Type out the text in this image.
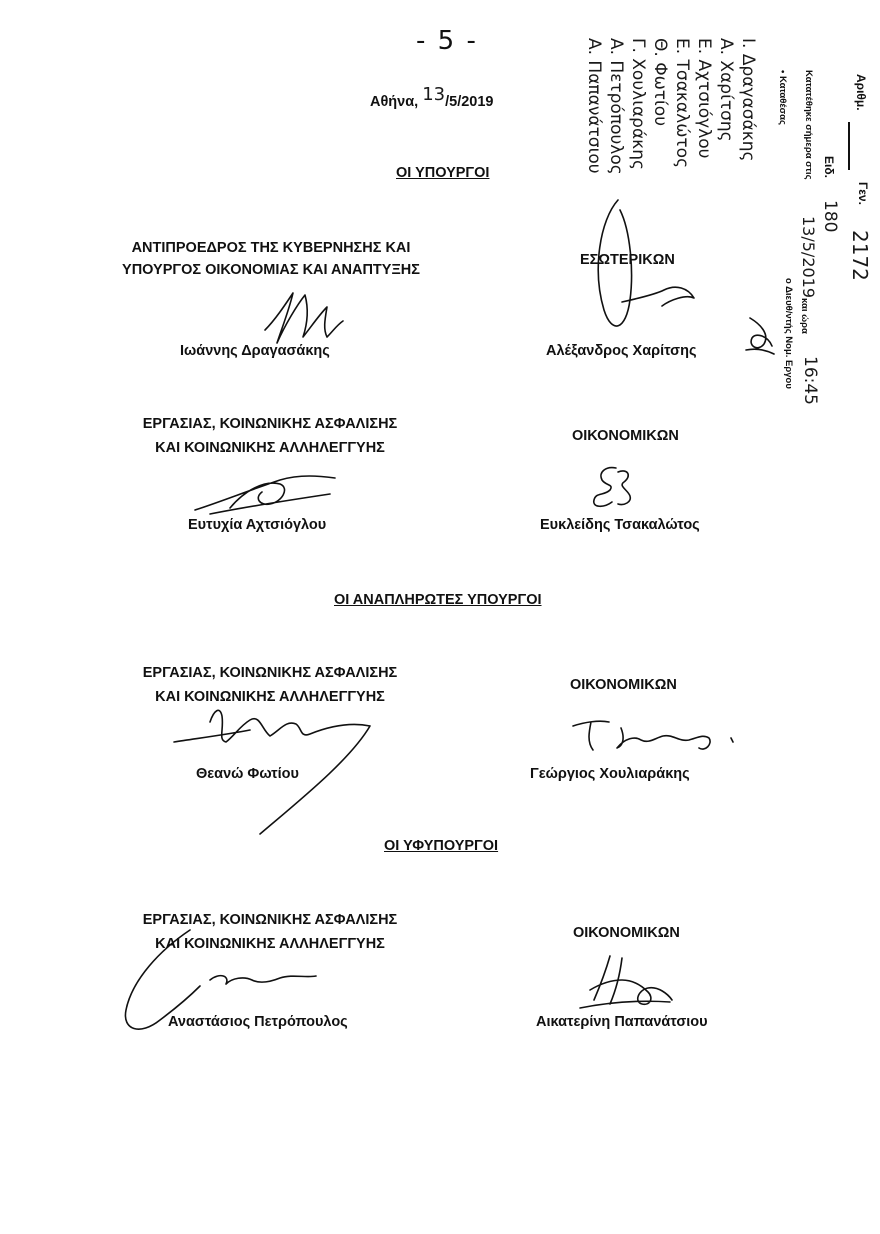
- 5 -
Αθήνα, 13/5/2019
ΟΙ ΥΠΟΥΡΓΟΙ
ΑΝΤΙΠΡΟΕΔΡΟΣ ΤΗΣ ΚΥΒΕΡΝΗΣΗΣ ΚΑΙ
ΥΠΟΥΡΓΟΣ ΟΙΚΟΝΟΜΙΑΣ ΚΑΙ ΑΝΑΠΤΥΞΗΣ
Ιωάννης Δραγασάκης
ΕΣΩΤΕΡΙΚΩΝ
Αλέξανδρος Χαρίτσης
ΕΡΓΑΣΙΑΣ, ΚΟΙΝΩΝΙΚΗΣ ΑΣΦΑΛΙΣΗΣ
ΚΑΙ ΚΟΙΝΩΝΙΚΗΣ ΑΛΛΗΛΕΓΓΥΗΣ
Ευτυχία Αχτσιόγλου
ΟΙΚΟΝΟΜΙΚΩΝ
Ευκλείδης Τσακαλώτος
ΟΙ ΑΝΑΠΛΗΡΩΤΕΣ ΥΠΟΥΡΓΟΙ
ΕΡΓΑΣΙΑΣ, ΚΟΙΝΩΝΙΚΗΣ ΑΣΦΑΛΙΣΗΣ
ΚΑΙ ΚΟΙΝΩΝΙΚΗΣ ΑΛΛΗΛΕΓΓΥΗΣ
Θεανώ Φωτίου
ΟΙΚΟΝΟΜΙΚΩΝ
Γεώργιος Χουλιαράκης
ΟΙ ΥΦΥΠΟΥΡΓΟΙ
ΕΡΓΑΣΙΑΣ, ΚΟΙΝΩΝΙΚΗΣ ΑΣΦΑΛΙΣΗΣ
ΚΑΙ ΚΟΙΝΩΝΙΚΗΣ ΑΛΛΗΛΕΓΓΥΗΣ
Αναστάσιος Πετρόπουλος
ΟΙΚΟΝΟΜΙΚΩΝ
Αικατερίνη Παπανάτσιου
Ι. Δραγασάκης
Α. Χαρίτσης
Ε. Αχτσιόγλου
Ε. Τσακαλώτος
Θ. Φωτίου
Γ. Χουλιαράκης
Α. Πετρόπουλος
Α. Παπανάτσιου	Αριθμ.
Γεν.
2172
Ειδ.
180
Κατατέθηκε σήμερα στις
13/5/2019
και ώρα
16:45
• Καταθέσας
ο Διευθ/ντής Νομ. Εργου
